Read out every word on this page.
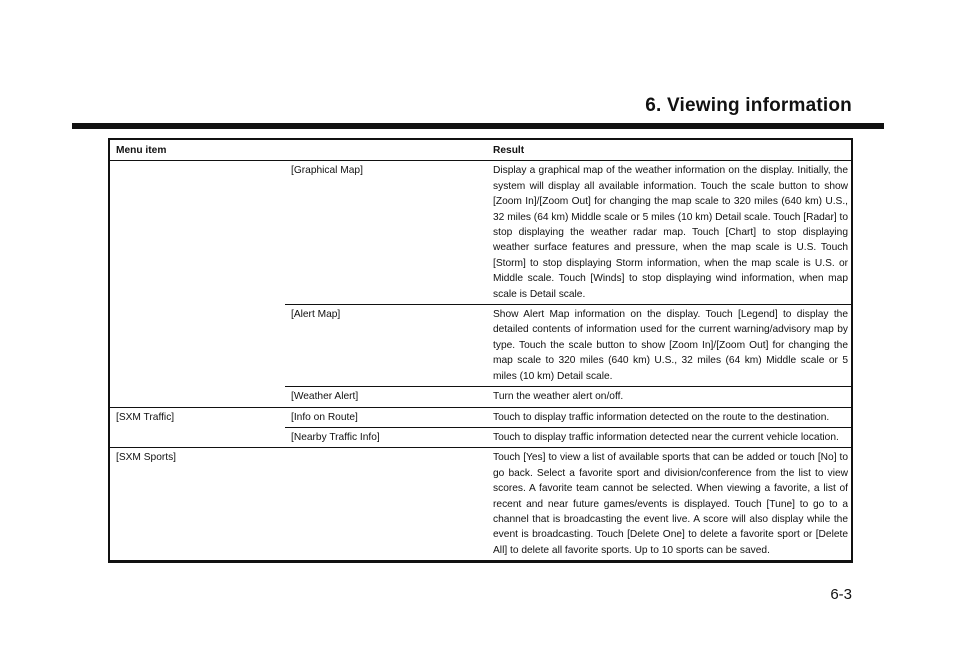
6. Viewing information
Menu item		Result
	[Graphical Map]	Display a graphical map of the weather information on the display. Initially, the system will display all available information. Touch the scale button to show [Zoom In]/[Zoom Out] for changing the map scale to 320 miles (640 km) U.S., 32 miles (64 km) Middle scale or 5 miles (10 km) Detail scale. Touch [Radar] to stop displaying the weather radar map. Touch [Chart] to stop displaying weather surface features and pressure, when the map scale is U.S. Touch [Storm] to stop displaying Storm information, when the map scale is U.S. or Middle scale. Touch [Winds] to stop displaying wind information, when map scale is Detail scale.
	[Alert Map]	Show Alert Map information on the display. Touch [Legend] to display the detailed contents of information used for the current warning/advisory map by type. Touch the scale button to show [Zoom In]/[Zoom Out] for changing the map scale to 320 miles (640 km) U.S., 32 miles (64 km) Middle scale or 5 miles (10 km) Detail scale.
	[Weather Alert]	Turn the weather alert on/off.
[SXM Traffic]	[Info on Route]	Touch to display traffic information detected on the route to the destination.
	[Nearby Traffic Info]	Touch to display traffic information detected near the current vehicle location.
[SXM Sports]		Touch [Yes] to view a list of available sports that can be added or touch [No] to go back. Select a favorite sport and division/conference from the list to view scores. A favorite team cannot be selected. When viewing a favorite, a list of recent and near future games/events is displayed. Touch [Tune] to go to a channel that is broadcasting the event live. A score will also display while the event is broadcasting. Touch [Delete One] to delete a favorite sport or [Delete All] to delete all favorite sports. Up to 10 sports can be saved.
6-3
